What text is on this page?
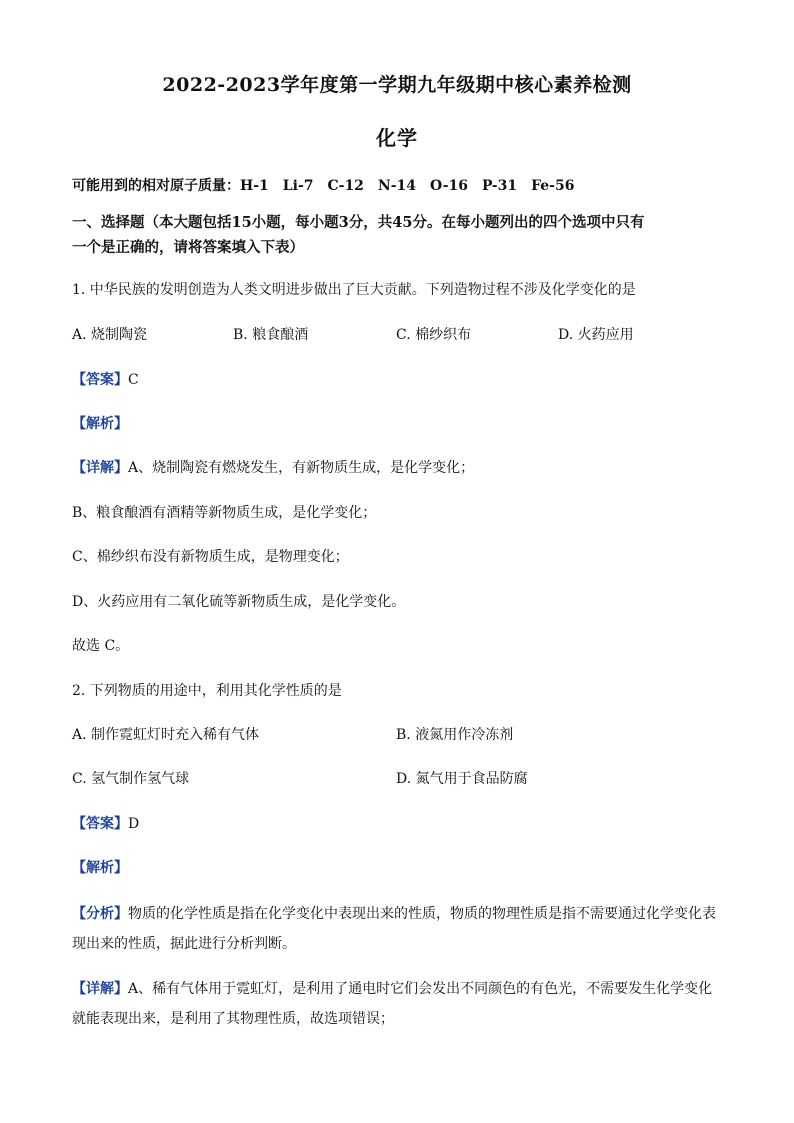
2022-2023学年度第一学期九年级期中核心素养检测
化学
可能用到的相对原子质量：H-1　Li-7　C-12　N-14　O-16　P-31　Fe-56
一、选择题（本大题包括15小题，每小题3分，共45分。在每小题列出的四个选项中只有
一个是正确的，请将答案填入下表）
1. 中华民族的发明创造为人类文明进步做出了巨大贡献。下列造物过程不涉及化学变化的是
A. 烧制陶瓷	B. 粮食酿酒	C. 棉纱织布	D. 火药应用
【答案】C
【解析】
【详解】A、烧制陶瓷有燃烧发生，有新物质生成，是化学变化；
B、粮食酿酒有酒精等新物质生成，是化学变化；
C、棉纱织布没有新物质生成，是物理变化；
D、火药应用有二氧化硫等新物质生成，是化学变化。
故选 C。
2. 下列物质的用途中，利用其化学性质的是
A. 制作霓虹灯时充入稀有气体	B. 液氮用作冷冻剂
C. 氢气制作氢气球	D. 氮气用于食品防腐
【答案】D
【解析】
【分析】物质的化学性质是指在化学变化中表现出来的性质，物质的物理性质是指不需要通过化学变化表
现出来的性质，据此进行分析判断。
【详解】A、稀有气体用于霓虹灯，是利用了通电时它们会发出不同颜色的有色光，不需要发生化学变化
就能表现出来，是利用了其物理性质，故选项错误；
